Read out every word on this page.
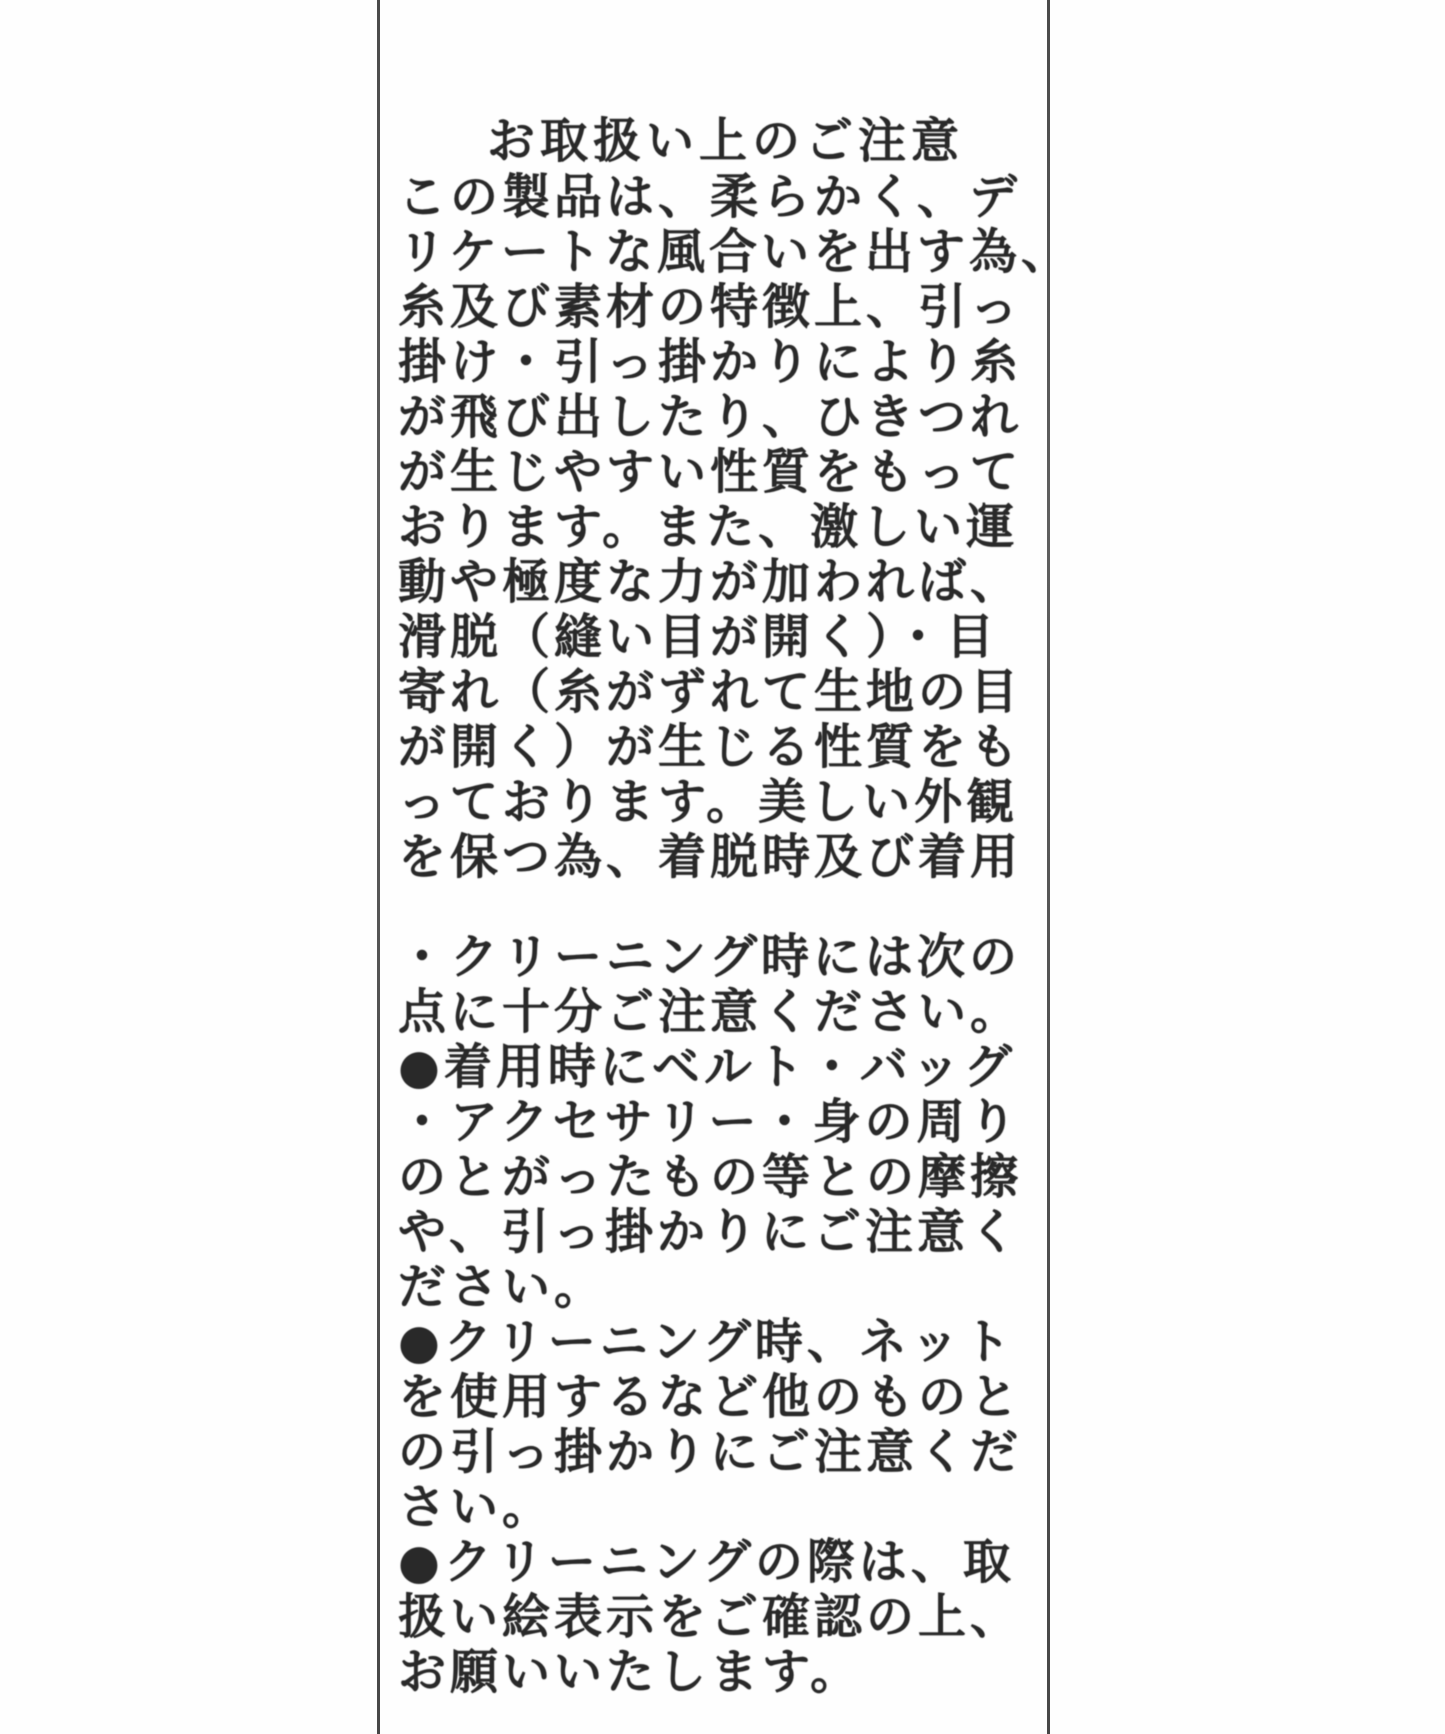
お取扱い上のご注意
この製品は、柔らかく、デ
リケートな風合いを出す為、
糸及び素材の特徴上、引っ
掛け・引っ掛かりにより糸
が飛び出したり、ひきつれ
が生じやすい性質をもって
おります。また、激しい運
動や極度な力が加われば、
滑脱（縫い目が開く）・目
寄れ（糸がずれて生地の目
が開く）が生じる性質をも
っております。美しい外観
を保つ為、着脱時及び着用
・クリーニング時には次の
点に十分ご注意ください。
●着用時にベルト・バッグ
・アクセサリー・身の周り
のとがったもの等との摩擦
や、引っ掛かりにご注意く
ださい。
●クリーニング時、ネット
を使用するなど他のものと
の引っ掛かりにご注意くだ
さい。
●クリーニングの際は、取
扱い絵表示をご確認の上、
お願いいたします。
